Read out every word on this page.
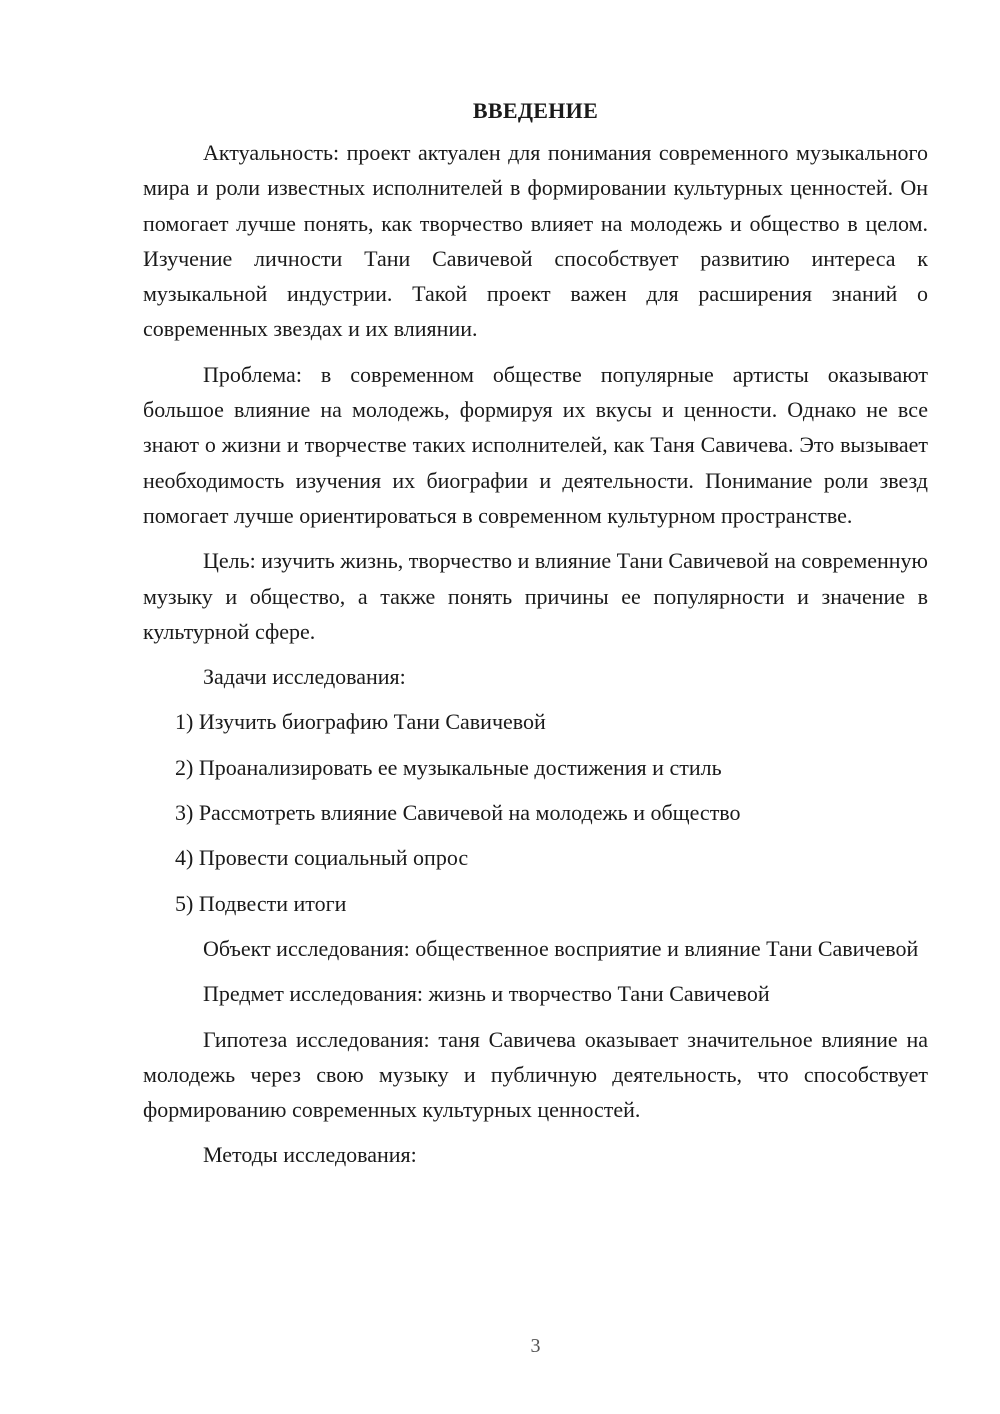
ВВЕДЕНИЕ

Актуальность: проект актуален для понимания современного музыкального мира и роли известных исполнителей в формировании культурных ценностей. Он помогает лучше понять, как творчество влияет на молодежь и общество в целом. Изучение личности Тани Савичевой способствует развитию интереса к музыкальной индустрии. Такой проект важен для расширения знаний о современных звездах и их влиянии.

Проблема: в современном обществе популярные артисты оказывают большое влияние на молодежь, формируя их вкусы и ценности. Однако не все знают о жизни и творчестве таких исполнителей, как Таня Савичева. Это вызывает необходимость изучения их биографии и деятельности. Понимание роли звезд помогает лучше ориентироваться в современном культурном пространстве.

Цель: изучить жизнь, творчество и влияние Тани Савичевой на современную музыку и общество, а также понять причины ее популярности и значение в культурной сфере.

Задачи исследования:

1) Изучить биографию Тани Савичевой
2) Проанализировать ее музыкальные достижения и стиль
3) Рассмотреть влияние Савичевой на молодежь и общество
4) Провести социальный опрос
5) Подвести итоги

Объект исследования: общественное восприятие и влияние Тани Савичевой

Предмет исследования: жизнь и творчество Тани Савичевой

Гипотеза исследования: таня Савичева оказывает значительное влияние на молодежь через свою музыку и публичную деятельность, что способствует формированию современных культурных ценностей.

Методы исследования:

3
